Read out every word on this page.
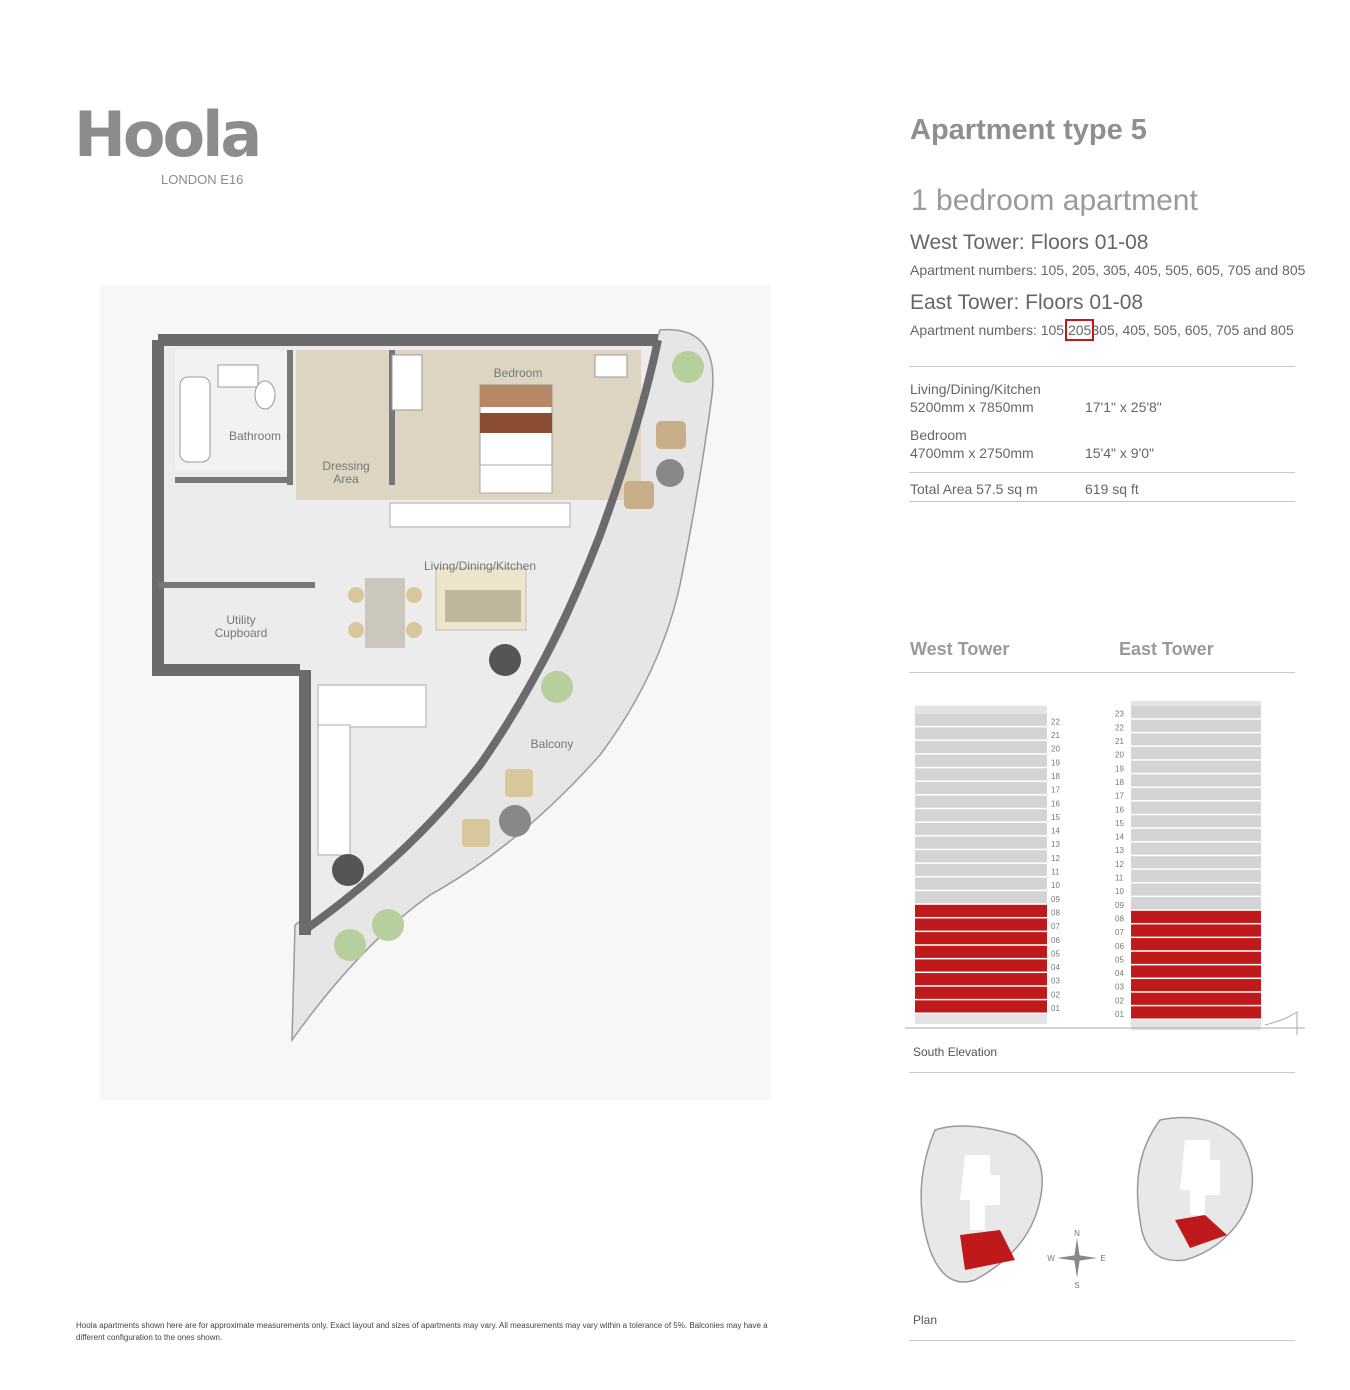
Hoola
LONDON E16
Bedroom
Bathroom
Dressing
Area
Living/Dining/Kitchen
Utility
Cupboard
Balcony
Apartment type 5
1 bedroom apartment
West Tower: Floors 01-08
Apartment numbers: 105, 205, 305, 405, 505, 605, 705 and 805
East Tower: Floors 01-08
Apartment numbers: 105 205305, 405, 505, 605, 705 and 805
Living/Dining/Kitchen
5200mm x 7850mm	17'1" x 25'8"
Bedroom
4700mm x 2750mm	15'4" x 9'0"
Total Area 57.5 sq m	619 sq ft
West Tower	East Tower
22
21
20
19
18
17
16
15
14
13
12
11
10
09
08
07
06
05
04
03
02
01
23
22
21
20
19
18
17
16
15
14
13
12
11
10
09
08
07
06
05
04
03
02
01
South Elevation
N
S
E
W
Plan
Hoola apartments shown here are for approximate measurements only. Exact layout and sizes of apartments may vary. All measurements may vary within a tolerance of 5%. Balconies may have a different configuration to the ones shown.
